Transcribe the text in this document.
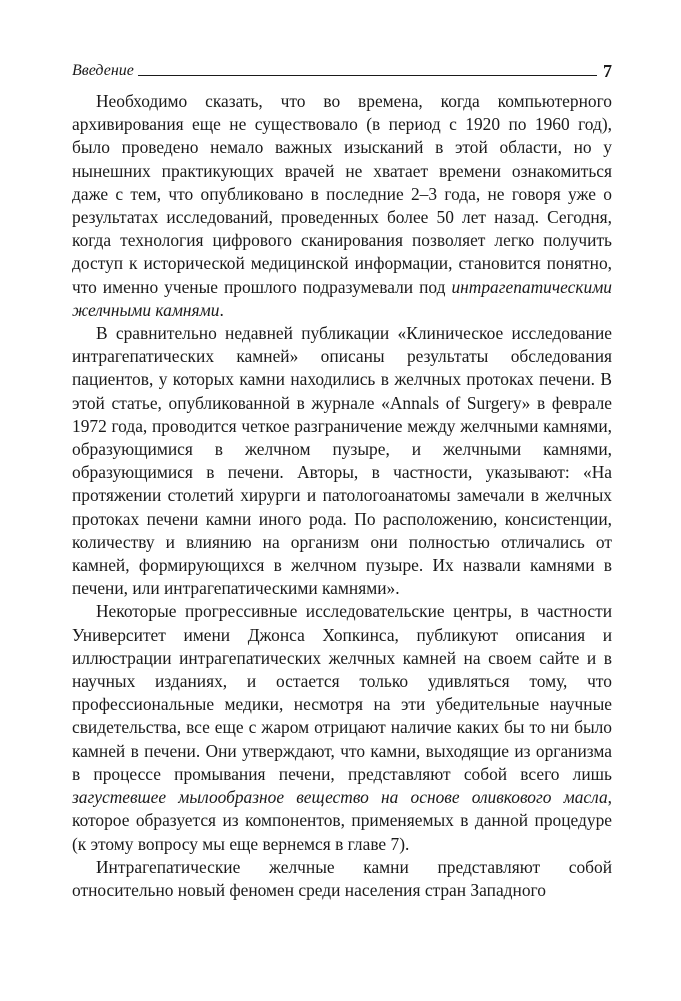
Введение	7

Необходимо сказать, что во времена, когда компьютерного архивирования еще не существовало (в период с 1920 по 1960 год), было проведено немало важных изысканий в этой области, но у нынешних практикующих врачей не хватает времени ознакомиться даже с тем, что опубликовано в последние 2–3 года, не говоря уже о результатах исследований, проведенных более 50 лет назад. Сегодня, когда технология цифрового сканирования позволяет легко получить доступ к исторической медицинской информации, становится понятно, что именно ученые прошлого подразумевали под интрагепатическими желчными камнями.

В сравнительно недавней публикации «Клиническое исследование интрагепатических камней» описаны результаты обследования пациентов, у которых камни находились в желчных протоках печени. В этой статье, опубликованной в журнале «Annals of Surgery» в феврале 1972 года, проводится четкое разграничение между желчными камнями, образующимися в желчном пузыре, и желчными камнями, образующимися в печени. Авторы, в частности, указывают: «На протяжении столетий хирурги и патологоанатомы замечали в желчных протоках печени камни иного рода. По расположению, консистенции, количеству и влиянию на организм они полностью отличались от камней, формирующихся в желчном пузыре. Их назвали камнями в печени, или интрагепатическими камнями».

Некоторые прогрессивные исследовательские центры, в частности Университет имени Джонса Хопкинса, публикуют описания и иллюстрации интрагепатических желчных камней на своем сайте и в научных изданиях, и остается только удивляться тому, что профессиональные медики, несмотря на эти убедительные научные свидетельства, все еще с жаром отрицают наличие каких бы то ни было камней в печени. Они утверждают, что камни, выходящие из организма в процессе промывания печени, представляют собой всего лишь загустевшее мылообразное вещество на основе оливкового масла, которое образуется из компонентов, применяемых в данной процедуре (к этому вопросу мы еще вернемся в главе 7).

Интрагепатические желчные камни представляют собой относительно новый феномен среди населения стран Западного
